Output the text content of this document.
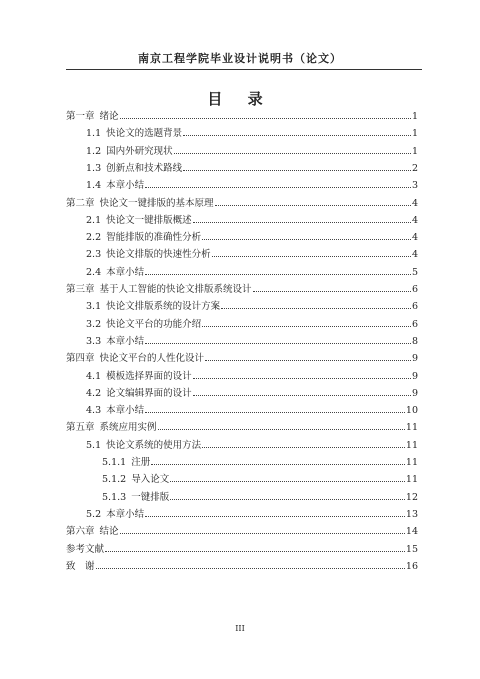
南京工程学院毕业设计说明书（论文）
目 录
第一章 绪论	1
1.1 快论文的选题背景	1
1.2 国内外研究现状	1
1.3 创新点和技术路线	2
1.4 本章小结	3
第二章 快论文一键排版的基本原理	4
2.1 快论文一键排版概述	4
2.2 智能排版的准确性分析	4
2.3 快论文排版的快速性分析	4
2.4 本章小结	5
第三章 基于人工智能的快论文排版系统设计	6
3.1 快论文排版系统的设计方案	6
3.2 快论文平台的功能介绍	6
3.3 本章小结	8
第四章 快论文平台的人性化设计	9
4.1 模板选择界面的设计	9
4.2 论文编辑界面的设计	9
4.3 本章小结	10
第五章 系统应用实例	11
5.1 快论文系统的使用方法	11
5.1.1 注册	11
5.1.2 导入论文	11
5.1.3 一键排版	12
5.2 本章小结	13
第六章 结论	14
参考文献	15
致　谢	16
III
